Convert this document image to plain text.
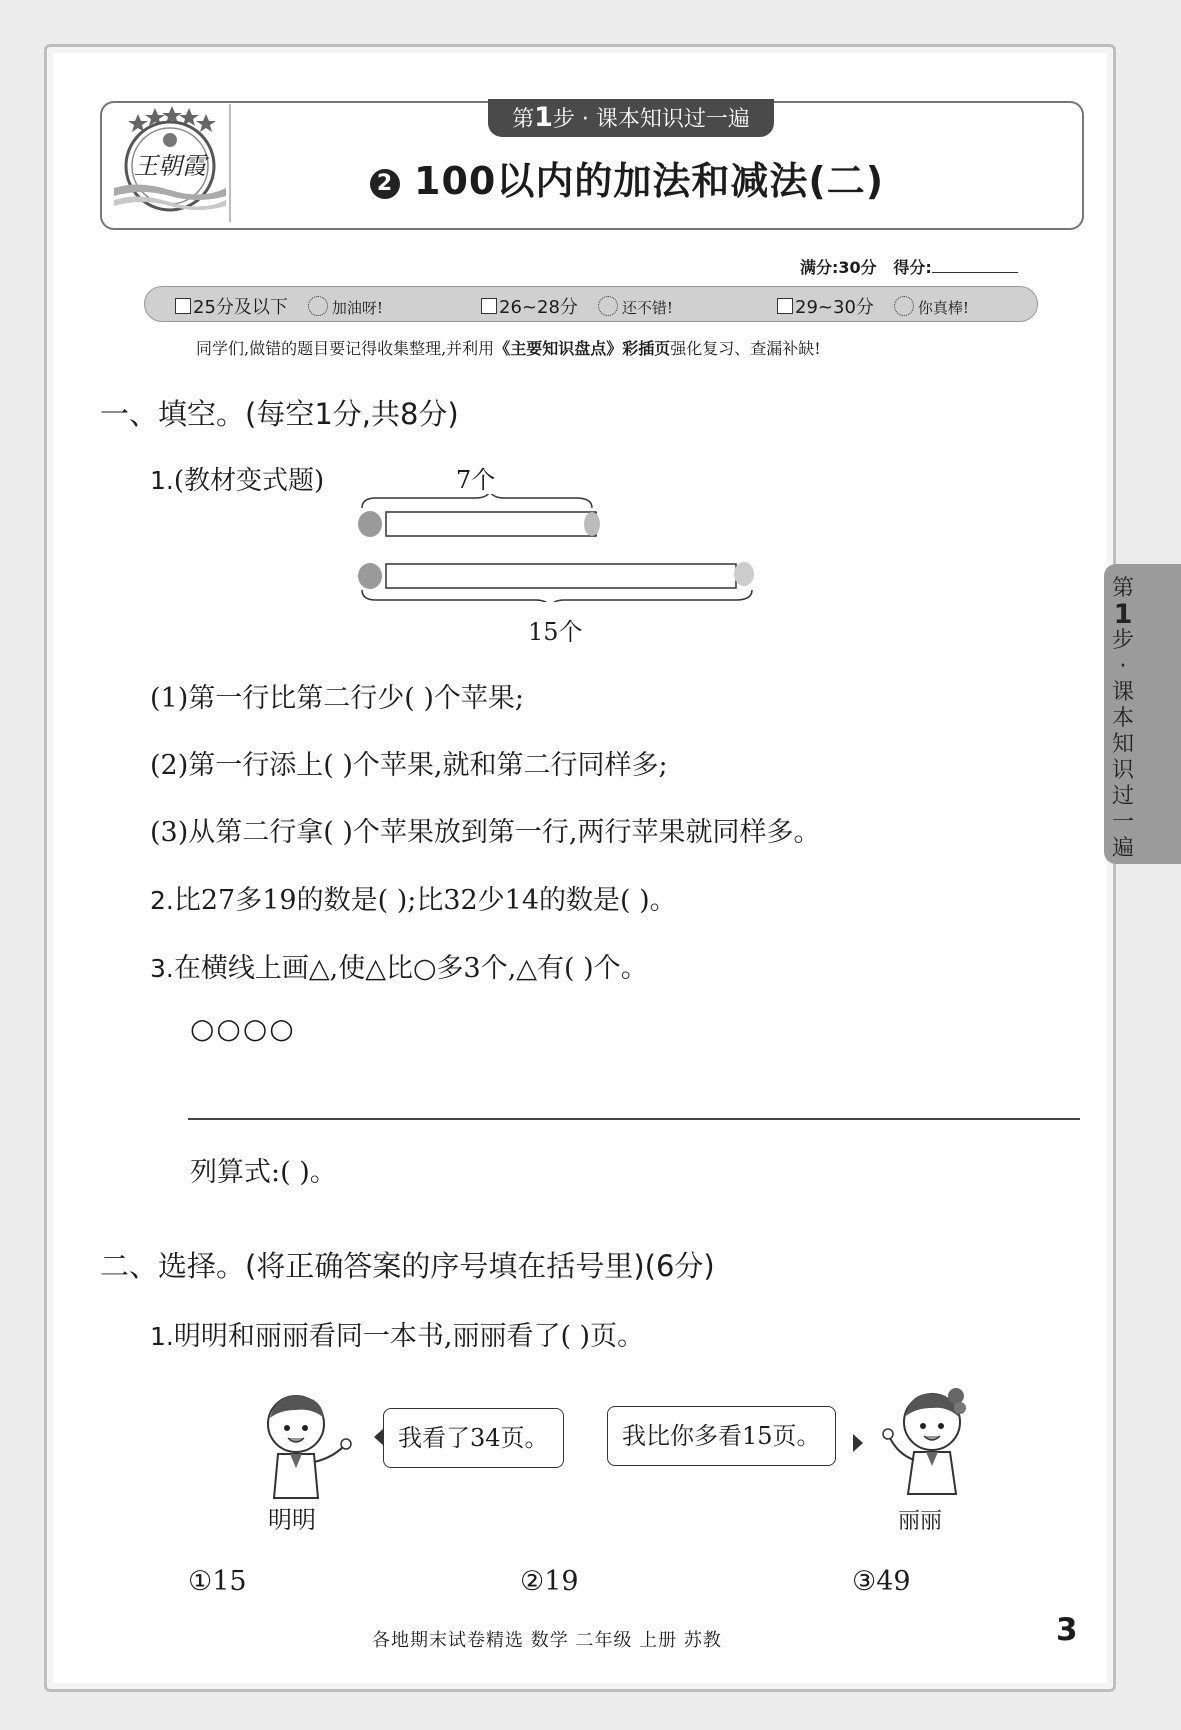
王朝霞
第1步 · 课本知识过一遍
2 100以内的加法和减法(二)
满分:30分 得分:
25分及以下	加油呀!	26~28分	还不错!	29~30分	你真棒!
同学们,做错的题目要记得收集整理,并利用《主要知识盘点》彩插页强化复习、查漏补缺!
第
1
步
·
课
本
知
识
过
一
遍
一、填空。(每空1分,共8分)
1.(教材变式题)	7个
15个
(1)第一行比第二行少( )个苹果;
(2)第一行添上( )个苹果,就和第二行同样多;
(3)从第二行拿( )个苹果放到第一行,两行苹果就同样多。
2.比27多19的数是( );比32少14的数是( )。
3.在横线上画△,使△比○多3个,△有( )个。
○○○○
列算式:( )。
二、选择。(将正确答案的序号填在括号里)(6分)
1.明明和丽丽看同一本书,丽丽看了( )页。
我看了34页。	我比你多看15页。
明明	丽丽
①15	②19	③49
各地期末试卷精选 数学 二年级 上册 苏教	3
